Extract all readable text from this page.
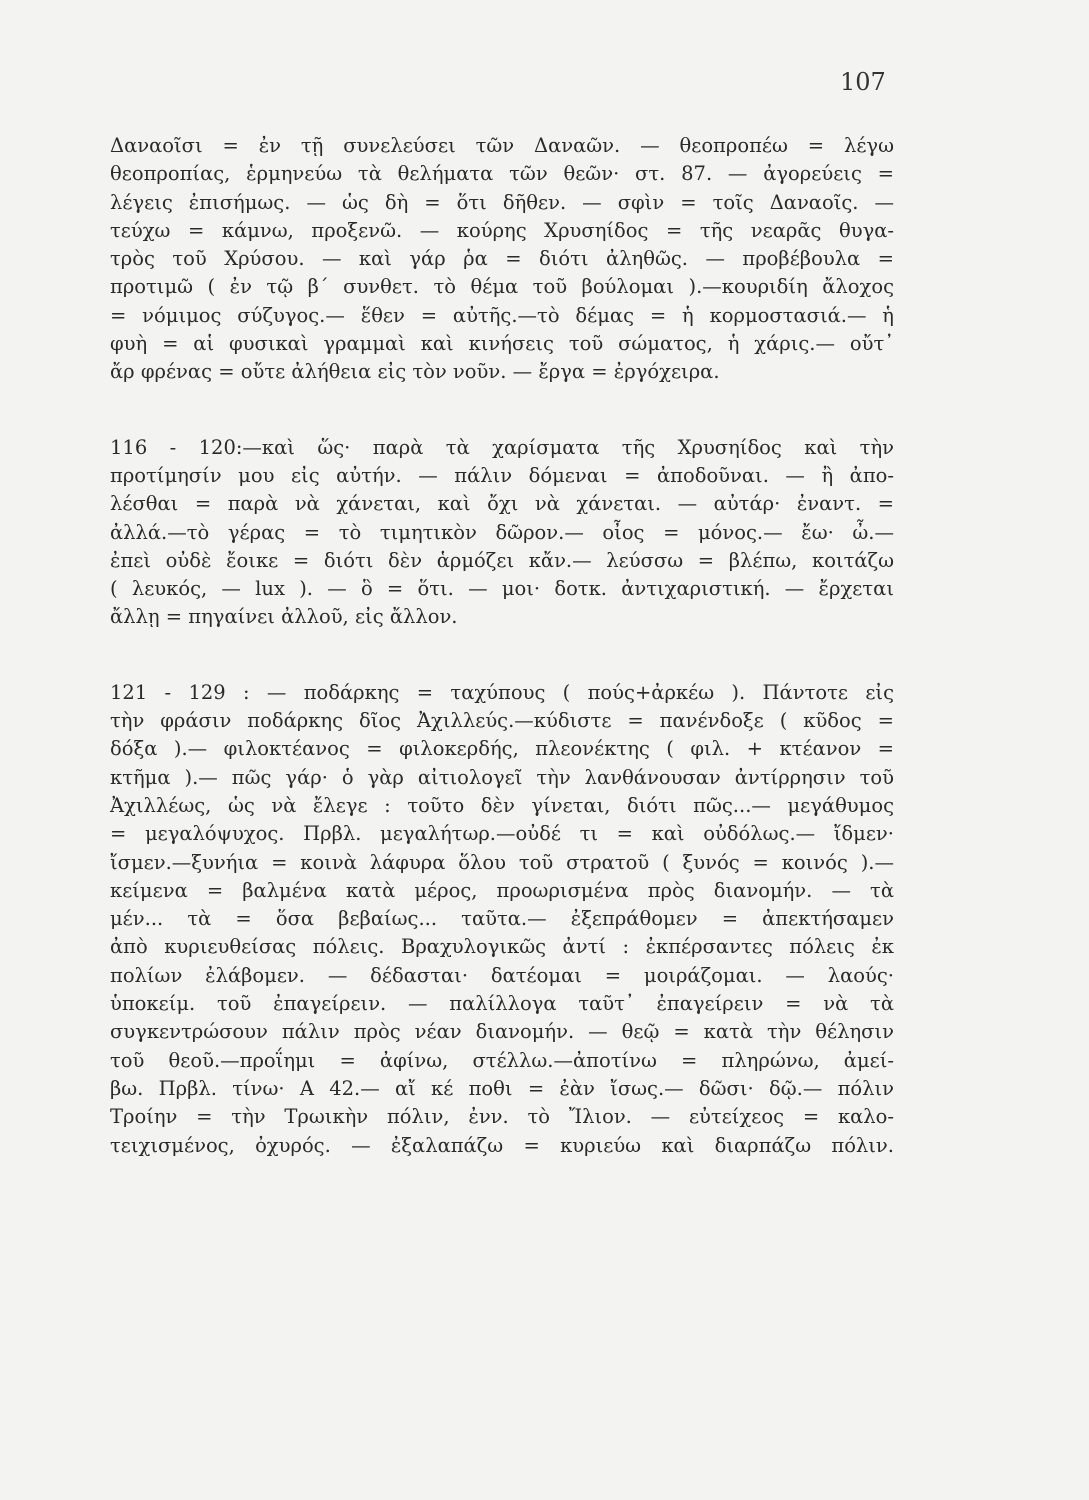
107
Δαναοῖσι = ἐν τῇ συνελεύσει τῶν Δαναῶν. — θεοπροπέω = λέγω
θεοπροπίας, ἑρμηνεύω τὰ θελήματα τῶν θεῶν· στ. 87. — ἀγορεύεις =
λέγεις ἐπισήμως. — ὡς δὴ = ὅτι δῆθεν. — σφὶν = τοῖς Δαναοῖς. —
τεύχω = κάμνω, προξενῶ. — κούρης Χρυσηίδος = τῆς νεαρᾶς θυγα-
τρὸς τοῦ Χρύσου. — καὶ γάρ ῥα = διότι ἀληθῶς. — προβέβουλα =
προτιμῶ ( ἐν τῷ β΄ συνθετ. τὸ θέμα τοῦ βούλομαι ).—κουριδίη ἄλοχος
= νόμιμος σύζυγος.— ἕθεν = αὐτῆς.—τὸ δέμας = ἡ κορμοστασιά.— ἡ
φυὴ = αἱ φυσικαὶ γραμμαὶ καὶ κινήσεις τοῦ σώματος, ἡ χάρις.— οὔτ᾽
ἄρ φρένας = οὔτε ἀλήθεια εἰς τὸν νοῦν. — ἔργα = ἐργόχειρα.
116 - 120:—καὶ ὥς· παρὰ τὰ χαρίσματα τῆς Χρυσηίδος καὶ τὴν
προτίμησίν μου εἰς αὐτήν. — πάλιν δόμεναι = ἀποδοῦναι. — ἢ ἀπο-
λέσθαι = παρὰ νὰ χάνεται, καὶ ὄχι νὰ χάνεται. — αὐτάρ· ἐναντ. =
ἀλλά.—τὸ γέρας = τὸ τιμητικὸν δῶρον.— οἶος = μόνος.— ἔω· ὦ.—
ἐπεὶ οὐδὲ ἔοικε = διότι δὲν ἁρμόζει κἄν.— λεύσσω = βλέπω, κοιτάζω
( λευκός, — lux ). — ὃ = ὅτι. — μοι· δοτκ. ἀντιχαριστική. — ἔρχεται
ἄλλῃ = πηγαίνει ἀλλοῦ, εἰς ἄλλον.
121 - 129 : — ποδάρκης = ταχύπους ( πούς+ἀρκέω ). Πάντοτε εἰς
τὴν φράσιν ποδάρκης δῖος Ἀχιλλεύς.—κύδιστε = πανένδοξε ( κῦδος =
δόξα ).— φιλοκτέανος = φιλοκερδής, πλεονέκτης ( φιλ. + κτέανον =
κτῆμα ).— πῶς γάρ· ὁ γὰρ αἰτιολογεῖ τὴν λανθάνουσαν ἀντίρρησιν τοῦ
Ἀχιλλέως, ὡς νὰ ἔλεγε : τοῦτο δὲν γίνεται, διότι πῶς...— μεγάθυμος
= μεγαλόψυχος. Πρβλ. μεγαλήτωρ.—οὐδέ τι = καὶ οὐδόλως.— ἴδμεν·
ἴσμεν.—ξυνήια = κοινὰ λάφυρα ὅλου τοῦ στρατοῦ ( ξυνός = κοινός ).—
κείμενα = βαλμένα κατὰ μέρος, προωρισμένα πρὸς διανομήν. — τὰ
μέν... τὰ = ὅσα βεβαίως... ταῦτα.— ἐξεπράθομεν = ἀπεκτήσαμεν
ἀπὸ κυριευθείσας πόλεις. Βραχυλογικῶς ἀντί : ἐκπέρσαντες πόλεις ἐκ
πολίων ἐλάβομεν. — δέδασται· δατέομαι = μοιράζομαι. — λαούς·
ὑποκείμ. τοῦ ἐπαγείρειν. — παλίλλογα ταῦτ᾽ ἐπαγείρειν = νὰ τὰ
συγκεντρώσουν πάλιν πρὸς νέαν διανομήν. — θεῷ = κατὰ τὴν θέλησιν
τοῦ θεοῦ.—προΐημι = ἀφίνω, στέλλω.—ἀποτίνω = πληρώνω, ἀμεί-
βω. Πρβλ. τίνω· Α 42.— αἴ κέ ποθι = ἐὰν ἴσως.— δῶσι· δῷ.— πόλιν
Τροίην = τὴν Τρωικὴν πόλιν, ἐνν. τὸ Ἴλιον. — εὐτείχεος = καλο-
τειχισμένος, ὀχυρός. — ἐξαλαπάζω = κυριεύω καὶ διαρπάζω πόλιν.
